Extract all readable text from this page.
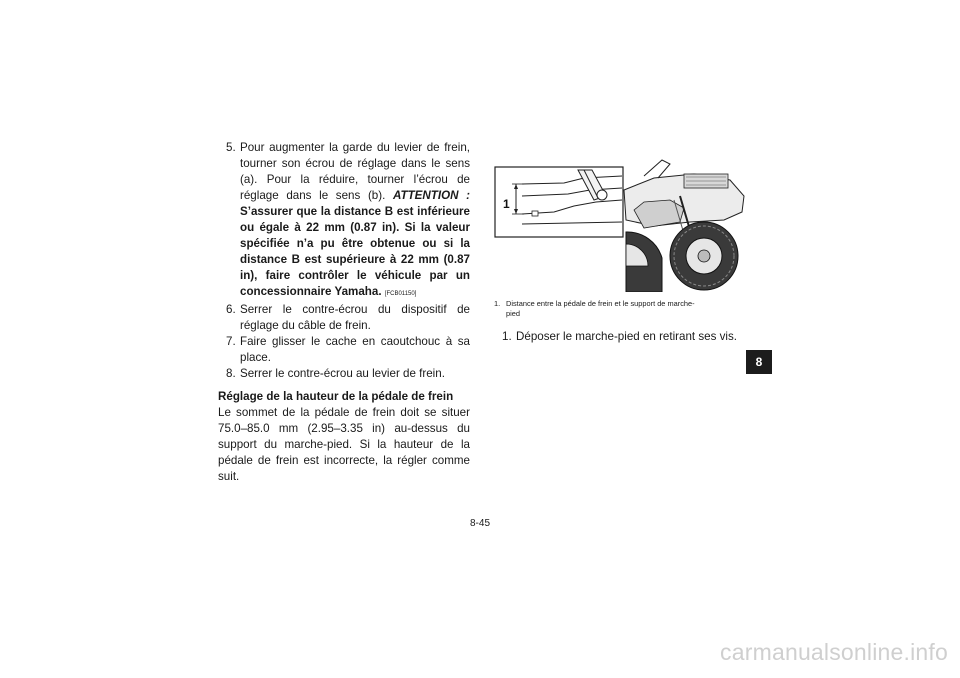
5. Pour augmenter la garde du levier de frein, tourner son écrou de réglage dans le sens (a). Pour la réduire, tourner l’écrou de réglage dans le sens (b). ATTENTION : S’assurer que la distance B est inférieure ou égale à 22 mm (0.87 in). Si la valeur spécifiée n’a pu être obtenue ou si la distance B est supérieure à 22 mm (0.87 in), faire contrôler le véhicule par un concessionnaire Yamaha. [FCB01150]
6. Serrer le contre-écrou du dispositif de réglage du câble de frein.
7. Faire glisser le cache en caoutchouc à sa place.
8. Serrer le contre-écrou au levier de frein.
Réglage de la hauteur de la pédale de frein
Le sommet de la pédale de frein doit se situer 75.0–85.0 mm (2.95–3.35 in) au-dessus du support du marche-pied. Si la hauteur de la pédale de frein est incorrecte, la régler comme suit.
1
1. Distance entre la pédale de frein et le support de marche-
pied
1. Déposer le marche-pied en retirant ses vis.
8
8-45
carmanualsonline.info
